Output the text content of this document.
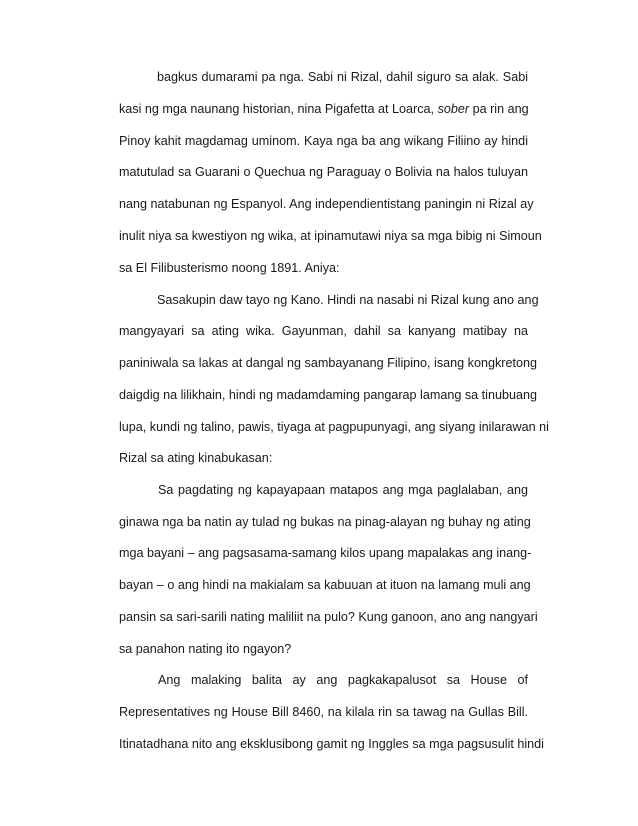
bagkus dumarami pa nga. Sabi ni Rizal, dahil siguro sa alak. Sabi
kasi ng mga naunang historian, nina Pigafetta at Loarca, sober pa rin ang
Pinoy kahit magdamag uminom. Kaya nga ba ang wikang Filiino ay hindi
matutulad sa Guarani o Quechua ng Paraguay o Bolivia na halos tuluyan
nang natabunan ng Espanyol. Ang independientistang paningin ni Rizal ay
inulit niya sa kwestiyon ng wika, at ipinamutawi niya sa mga bibig ni Simoun
sa El Filibusterismo noong 1891. Aniya:
Sasakupin daw tayo ng Kano. Hindi na nasabi ni Rizal kung ano ang
mangyayari sa ating wika. Gayunman, dahil sa kanyang matibay na
paniniwala sa lakas at dangal ng sambayanang Filipino, isang kongkretong
daigdig na lilikhain, hindi ng madamdaming pangarap lamang sa tinubuang
lupa, kundi ng talino, pawis, tiyaga at pagpupunyagi, ang siyang inilarawan ni
Rizal sa ating kinabukasan:
Sa pagdating ng kapayapaan matapos ang mga paglalaban, ang
ginawa nga ba natin ay tulad ng bukas na pinag-alayan ng buhay ng ating
mga bayani – ang pagsasama-samang kilos upang mapalakas ang inang-
bayan – o ang hindi na makialam sa kabuuan at ituon na lamang muli ang
pansin sa sari-sarili nating maliliit na pulo? Kung ganoon, ano ang nangyari
sa panahon nating ito ngayon?
Ang malaking balita ay ang pagkakapalusot sa House of
Representatives ng House Bill 8460, na kilala rin sa tawag na Gullas Bill.
Itinatadhana nito ang eksklusibong gamit ng Inggles sa mga pagsusulit hindi
